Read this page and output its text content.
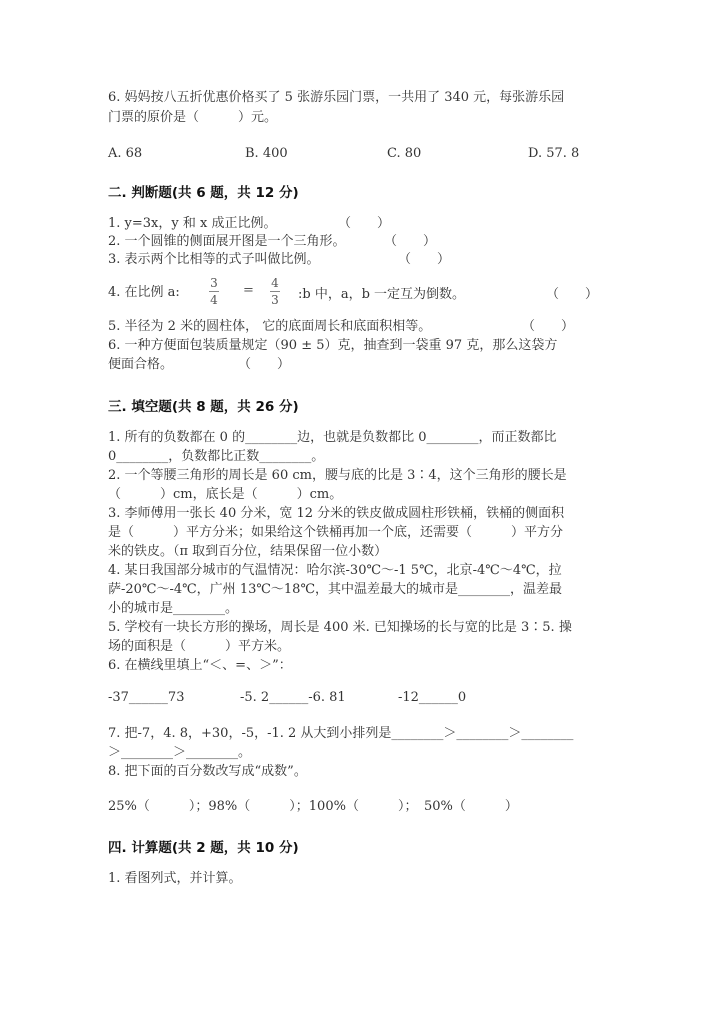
6. 妈妈按八五折优惠价格买了 5 张游乐园门票，一共用了 340 元，每张游乐园
门票的原价是（　　　）元。
A. 68	B. 400	C. 80	D. 57. 8
二. 判断题(共 6 题，共 12 分)
1. y=3x，y 和 x 成正比例。	（　　）
2. 一个圆锥的侧面展开图是一个三角形。	（　　）
3. 表示两个比相等的式子叫做比例。	（　　）
4. 在比例 a:
3
4
= 4
3 :b 中，a，b 一定互为倒数。	（　　）
5. 半径为 2 米的圆柱体， 它的底面周长和底面积相等。	（　　）
6. 一种方便面包装质量规定（90 ± 5）克，抽查到一袋重 97 克，那么这袋方
便面合格。	（　　）
三. 填空题(共 8 题，共 26 分)
1. 所有的负数都在 0 的________边，也就是负数都比 0________，而正数都比
0________，负数都比正数________。
2. 一个等腰三角形的周长是 60 cm，腰与底的比是 3∶4，这个三角形的腰长是
（　　　）cm，底长是（　　　）cm。
3. 李师傅用一张长 40 分米，宽 12 分米的铁皮做成圆柱形铁桶，铁桶的侧面积
是（　　　）平方分米；如果给这个铁桶再加一个底，还需要（　　　）平方分
米的铁皮。（π 取到百分位，结果保留一位小数）
4. 某日我国部分城市的气温情况：哈尔滨-30℃～-1 5℃，北京-4℃～4℃，拉
萨-20℃～-4℃，广州 13℃～18℃，其中温差最大的城市是________，温差最
小的城市是________。
5. 学校有一块长方形的操场，周长是 400 米. 已知操场的长与宽的比是 3∶5. 操
场的面积是（　　　）平方米。
6. 在横线里填上“＜、=、＞”：
-37______73	-5. 2______-6. 81	-12______0
7. 把-7，4. 8，+30，-5，-1. 2 从大到小排列是________＞________＞________
＞________＞________。
8. 把下面的百分数改写成“成数”。
25%（　　　）；98%（　　　）；100%（　　　）；　50%（　　　）
四. 计算题(共 2 题，共 10 分)
1. 看图列式，并计算。
